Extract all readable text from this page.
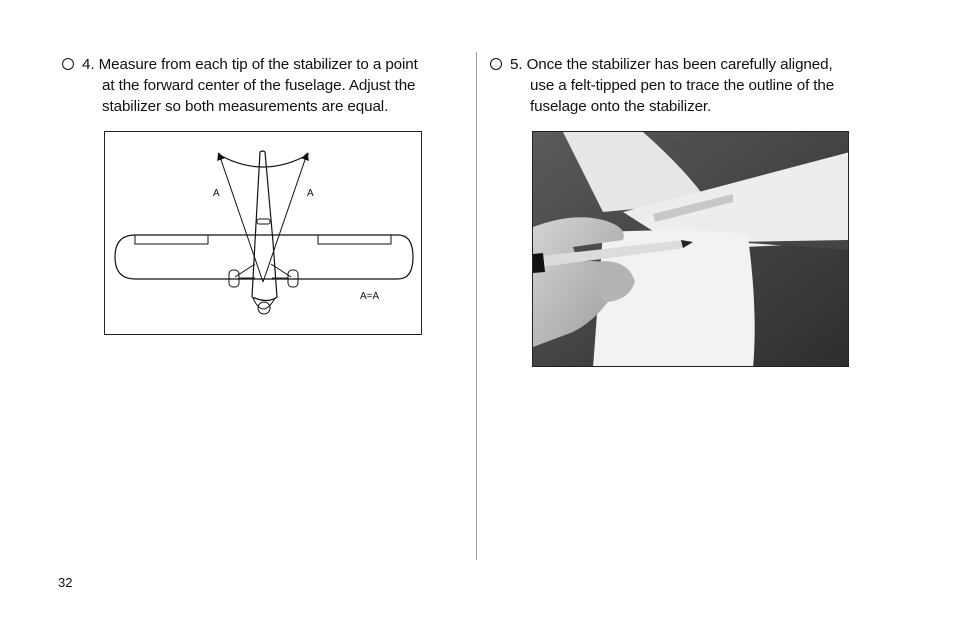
4. Measure from each tip of the stabilizer to a point
at the forward center of the fuselage. Adjust the
stabilizer so both measurements are equal.
5. Once the stabilizer has been carefully aligned,
use a felt-tipped pen to trace the outline of the
fuselage onto the stabilizer.
A	A
A=A
32
